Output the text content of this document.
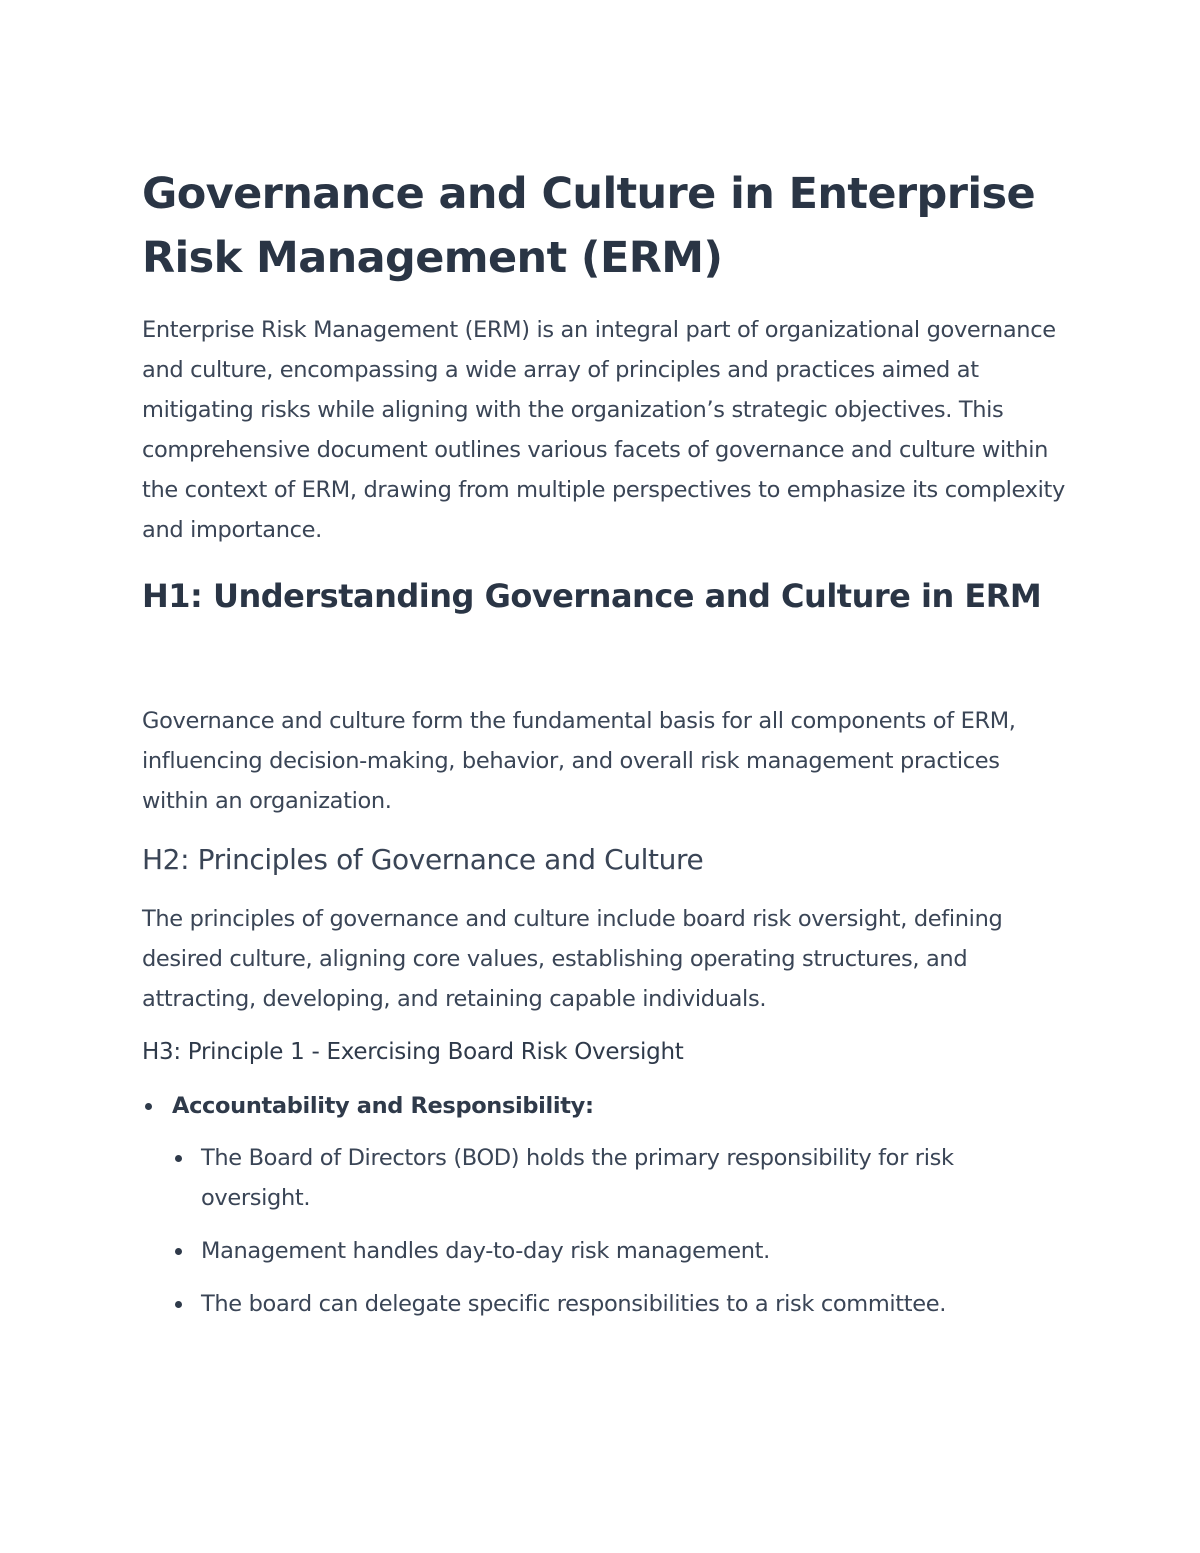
Governance and Culture in Enterprise Risk Management (ERM)

Enterprise Risk Management (ERM) is an integral part of organizational governance and culture, encompassing a wide array of principles and practices aimed at mitigating risks while aligning with the organization’s strategic objectives. This comprehensive document outlines various facets of governance and culture within the context of ERM, drawing from multiple perspectives to emphasize its complexity and importance.

H1: Understanding Governance and Culture in ERM

Governance and culture form the fundamental basis for all components of ERM, influencing decision-making, behavior, and overall risk management practices within an organization.

H2: Principles of Governance and Culture

The principles of governance and culture include board risk oversight, defining desired culture, aligning core values, establishing operating structures, and attracting, developing, and retaining capable individuals.

H3: Principle 1 - Exercising Board Risk Oversight
Accountability and Responsibility:
The Board of Directors (BOD) holds the primary responsibility for risk oversight.
Management handles day-to-day risk management.
The board can delegate specific responsibilities to a risk committee.
